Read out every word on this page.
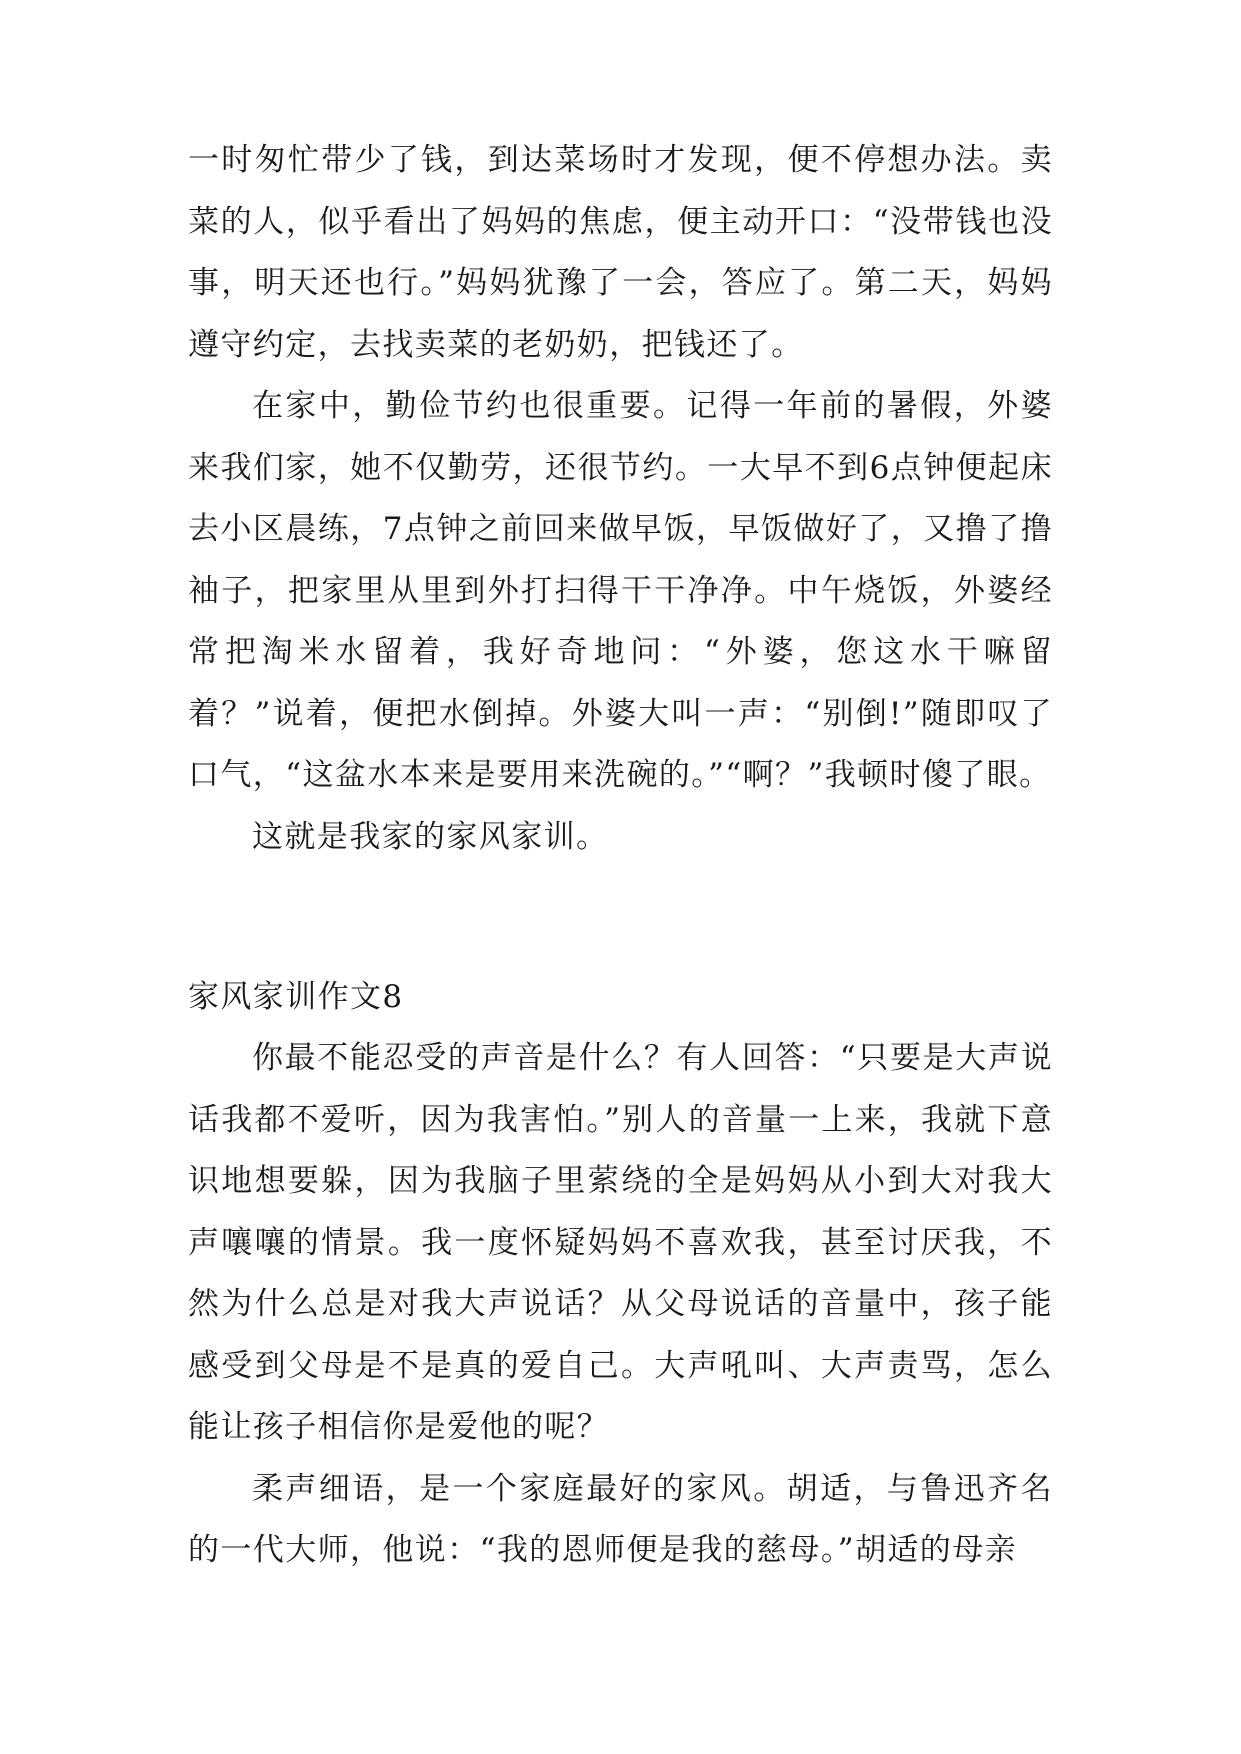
一时匆忙带少了钱，到达菜场时才发现，便不停想办法。卖菜的人，似乎看出了妈妈的焦虑，便主动开口：“没带钱也没事，明天还也行。”妈妈犹豫了一会，答应了。第二天，妈妈遵守约定，去找卖菜的老奶奶，把钱还了。

在家中，勤俭节约也很重要。记得一年前的暑假，外婆来我们家，她不仅勤劳，还很节约。一大早不到6点钟便起床去小区晨练，7点钟之前回来做早饭，早饭做好了，又撸了撸袖子，把家里从里到外打扫得干干净净。中午烧饭，外婆经常把淘米水留着，我好奇地问：“外婆，您这水干嘛留着？”说着，便把水倒掉。外婆大叫一声：“别倒!”随即叹了口气，“这盆水本来是要用来洗碗的。”“啊？”我顿时傻了眼。

这就是我家的家风家训。

家风家训作文8

你最不能忍受的声音是什么？有人回答：“只要是大声说话我都不爱听，因为我害怕。”别人的音量一上来，我就下意识地想要躲，因为我脑子里萦绕的全是妈妈从小到大对我大声嚷嚷的情景。我一度怀疑妈妈不喜欢我，甚至讨厌我，不然为什么总是对我大声说话？从父母说话的音量中，孩子能感受到父母是不是真的爱自己。大声吼叫、大声责骂，怎么能让孩子相信你是爱他的呢？

柔声细语，是一个家庭最好的家风。胡适，与鲁迅齐名的一代大师，他说：“我的恩师便是我的慈母。”胡适的母亲
